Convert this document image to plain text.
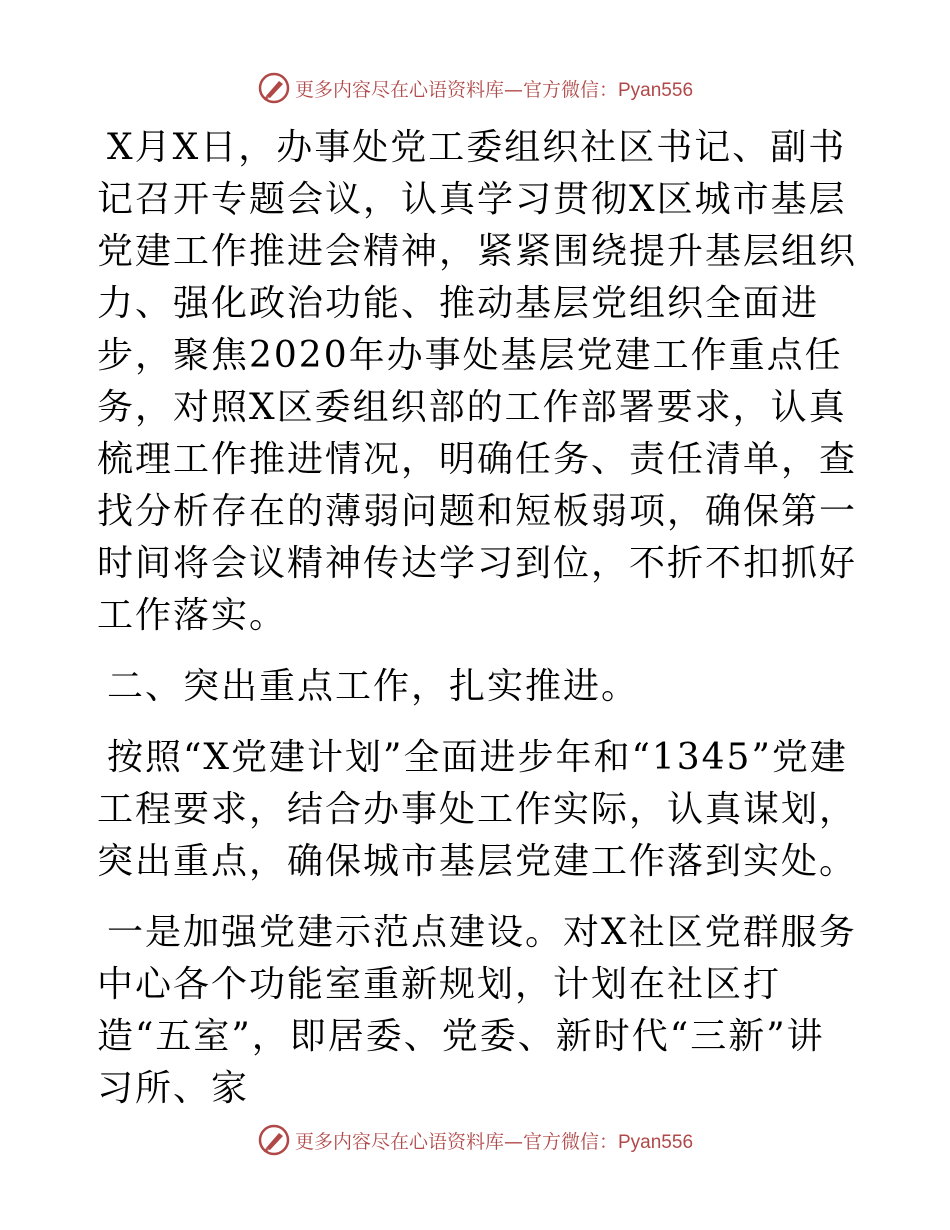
更多内容尽在心语资料库—官方微信：Pyan556

X月X日，办事处党工委组织社区书记、副书记召开专题会议，认真学习贯彻X区城市基层党建工作推进会精神，紧紧围绕提升基层组织力、强化政治功能、推动基层党组织全面进步，聚焦2020年办事处基层党建工作重点任务，对照X区委组织部的工作部署要求，认真梳理工作推进情况，明确任务、责任清单，查找分析存在的薄弱问题和短板弱项，确保第一时间将会议精神传达学习到位，不折不扣抓好工作落实。

二、突出重点工作，扎实推进。

按照“X党建计划”全面进步年和“1345”党建工程要求，结合办事处工作实际，认真谋划，突出重点，确保城市基层党建工作落到实处。

一是加强党建示范点建设。对X社区党群服务中心各个功能室重新规划，计划在社区打造“五室”，即居委、党委、新时代“三新”讲习所、家

更多内容尽在心语资料库—官方微信：Pyan556
